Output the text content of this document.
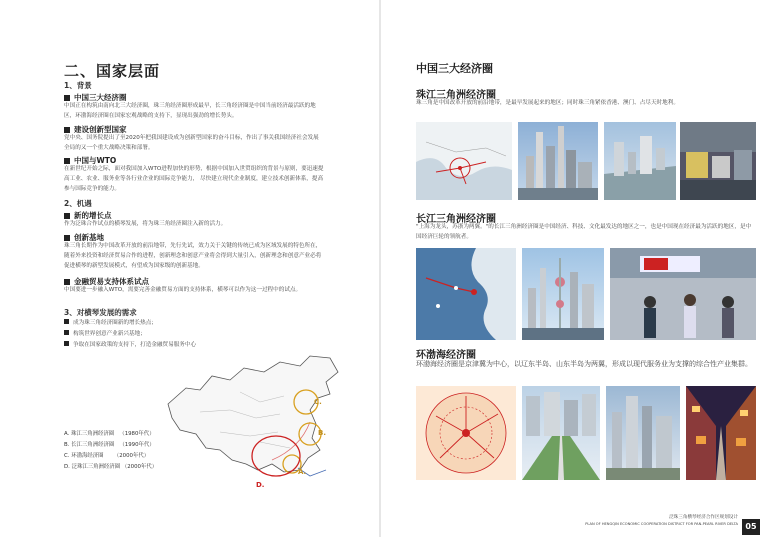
二、国家层面
1、背景
中国三大经济圈
中国正在构筑由南向北三大经济圈，珠三角经济圈形成最早，长三角经济圈是中国当前经济最活跃的地区，环渤海经济圈在国家宏观战略的支持下，显现出强劲的增长势头。
建设创新型国家
党中央、国务院提出了至2020年把我国建设成为创新型国家的奋斗目标，作出了事关我国经济社会发展全局的又一个重大战略决策和部署。
中国与WTO
在新世纪开始之际，面对我国加入WTO进程加快的形势，根据中国加入世贸组织的背景与原则，要迅速提高工业、农业、服务业等各行业企业的国际竞争能力， 尽快建立现代企业制度，建立技术创新体系，提高参与国际竞争的能力。
2、机遇
新的增长点
作为泛珠合作试点的横琴发展，将为珠三角经济圈注入新的活力。
创新基地
珠三角长期作为中国改革开放的前沿地带，先行先试，效力关于关键的传统已成为区域发展的特色所在，随着外来投资和经济贸易合作的进程，创新理念和创意产业将会得到大量引入，创新理念和创意产业必将促进横琴的新型发展模式，有望成为国家级的创新基地。
金融贸易支持体系试点
中国要进一步融入WTO，需要完善金融贸易方面的支持体系，横琴可以作为这一过程中的试点。
3、对横琴发展的需求
成为珠三角经济圈新的增长热点；
构筑世界创意产业新兴基地；
争取在国家政策的支持下，打造金融贸易服务中心
C.
B.
A.
D.
A. 珠江三角洲经济圈 （1980年代）
B. 长江三角洲经济圈 （1990年代）
C. 环渤海经济圈 （2000年代）
D. 泛珠江三角洲经济圈 （2000年代）
中国三大经济圈
珠江三角洲经济圈
珠三角是中国改革开放的前沿地带，是最早发展起来的地区；同时珠三角紧依香港、澳门、占尽天时地利。
长江三角洲经济圈
"上海为龙头，苏浙为两翼。"的长江三角洲经济圈是中国经济、科技、文化最发达的地区之一，也是中国现在经济最为活跃的地区，是中国经济巨轮的领航者。
环渤海经济圈
环渤海经济圈是京津冀为中心，以辽东半岛、山东半岛为两翼，形成以现代服务业为支撑的综合性产业集群。
泛珠三角横琴经济合作区规划设计
PLAN OF HENGQIN ECONOMIC COOPERATION DISTRICT FOR PAN-PEARL RIVER DELTA 05
